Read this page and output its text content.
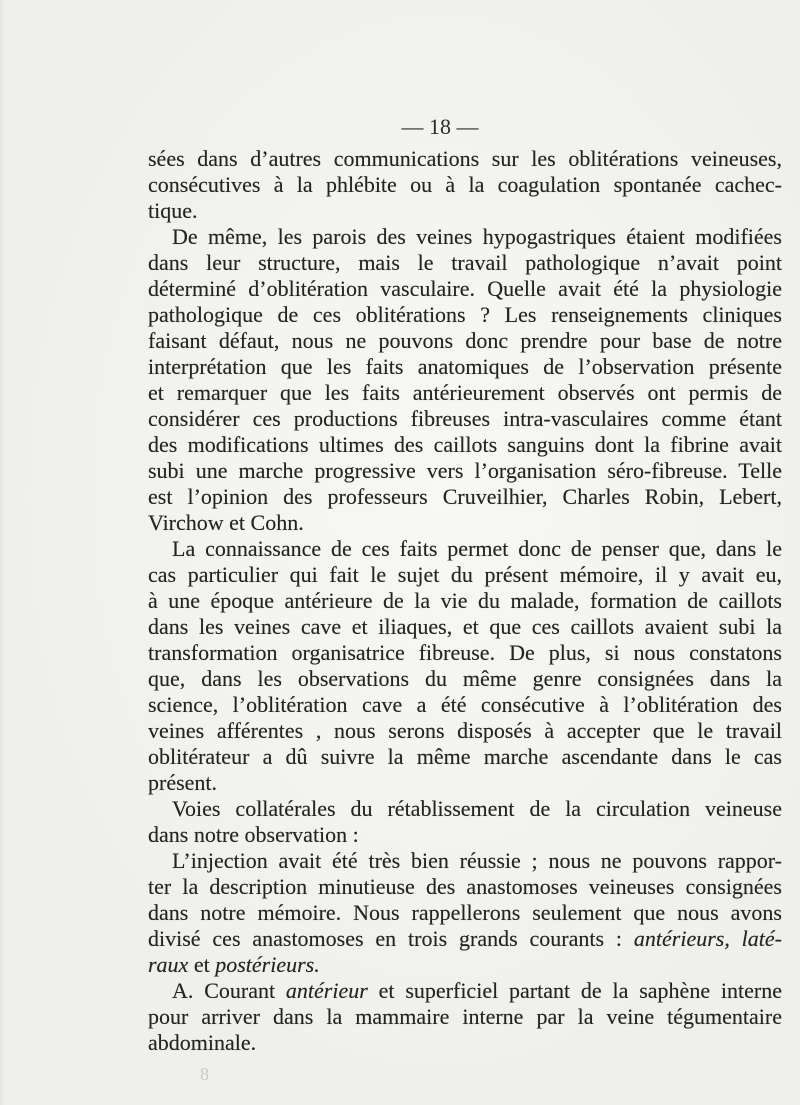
— 18 —
sées dans d’autres communications sur les oblitérations veineuses,
consécutives à la phlébite ou à la coagulation spontanée cachec-
tique.
De même, les parois des veines hypogastriques étaient modifiées
dans leur structure, mais le travail pathologique n’avait point
déterminé d’oblitération vasculaire. Quelle avait été la physiologie
pathologique de ces oblitérations ? Les renseignements cliniques
faisant défaut, nous ne pouvons donc prendre pour base de notre
interprétation que les faits anatomiques de l’observation présente
et remarquer que les faits antérieurement observés ont permis de
considérer ces productions fibreuses intra-vasculaires comme étant
des modifications ultimes des caillots sanguins dont la fibrine avait
subi une marche progressive vers l’organisation séro-fibreuse. Telle
est l’opinion des professeurs Cruveilhier, Charles Robin, Lebert,
Virchow et Cohn.
La connaissance de ces faits permet donc de penser que, dans le
cas particulier qui fait le sujet du présent mémoire, il y avait eu,
à une époque antérieure de la vie du malade, formation de caillots
dans les veines cave et iliaques, et que ces caillots avaient subi la
transformation organisatrice fibreuse. De plus, si nous constatons
que, dans les observations du même genre consignées dans la
science, l’oblitération cave a été consécutive à l’oblitération des
veines afférentes , nous serons disposés à accepter que le travail
oblitérateur a dû suivre la même marche ascendante dans le cas
présent.
Voies collatérales du rétablissement de la circulation veineuse
dans notre observation :
L’injection avait été très bien réussie ; nous ne pouvons rappor-
ter la description minutieuse des anastomoses veineuses consignées
dans notre mémoire. Nous rappellerons seulement que nous avons
divisé ces anastomoses en trois grands courants : antérieurs, laté-
raux et postérieurs.
A. Courant antérieur et superficiel partant de la saphène interne
pour arriver dans la mammaire interne par la veine tégumentaire
abdominale.
8
